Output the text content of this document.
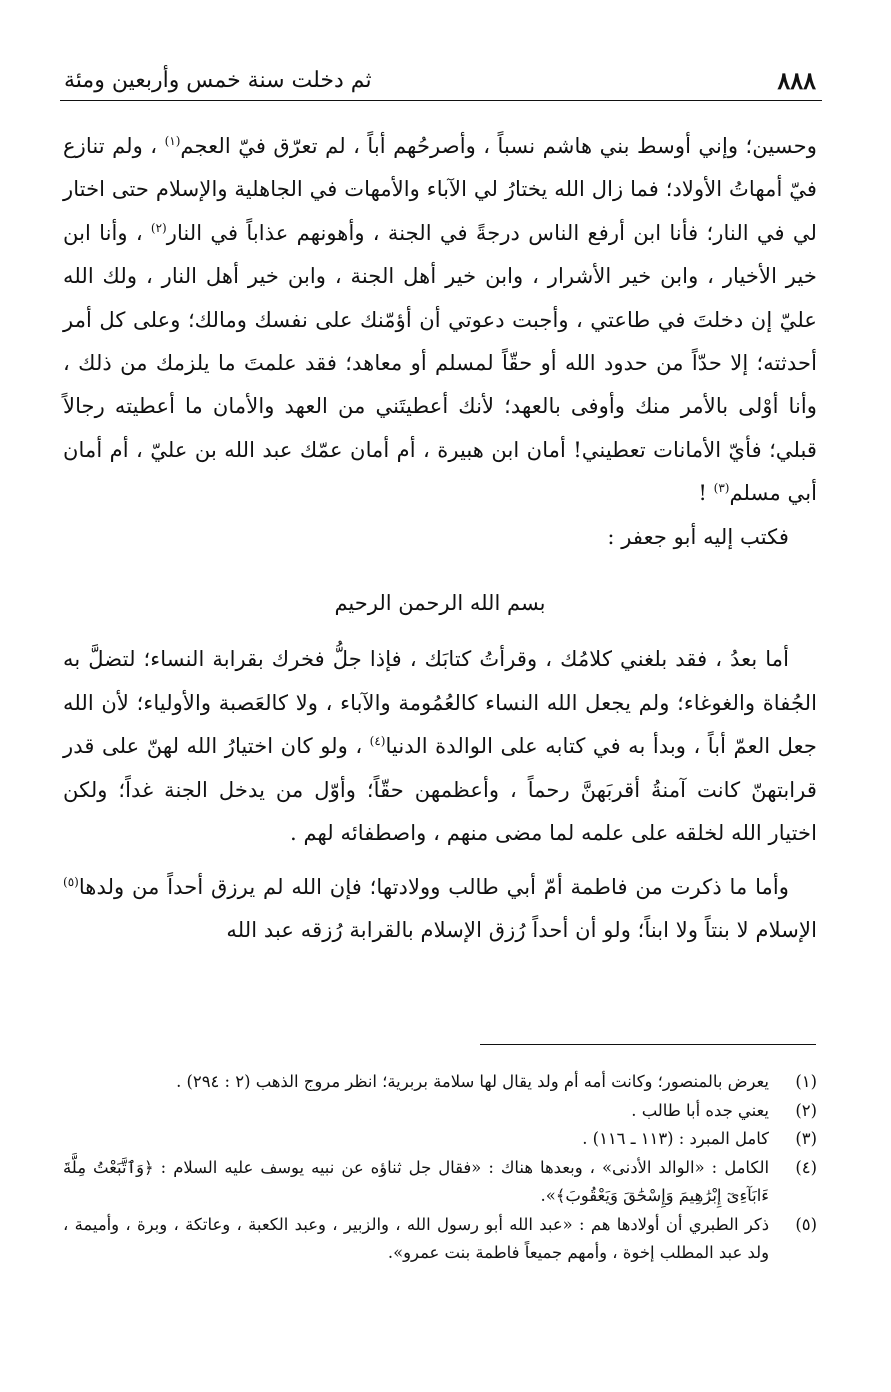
٨٨٨
ثم دخلت سنة خمس وأربعين ومئة

وحسين؛ وإني أوسط بني هاشم نسباً ، وأصرحُهم أباً ، لم تعرّق فيّ العجم$^{(١)}$ ، ولم تنازع فيّ أمهاتُ الأولاد؛ فما زال الله يختارُ لي الآباء والأمهات في الجاهلية والإسلام حتى اختار لي في النار؛ فأنا ابن أرفع الناس درجةً في الجنة ، وأهونهم عذاباً في النار$^{(٢)}$ ، وأنا ابن خير الأخيار ، وابن خير الأشرار ، وابن خير أهل الجنة ، وابن خير أهل النار ، ولك الله عليّ إن دخلتَ في طاعتي ، وأجبت دعوتي أن أؤمّنك على نفسك ومالك؛ وعلى كل أمر أحدثته؛ إلا حدّاً من حدود الله أو حقّاً لمسلم أو معاهد؛ فقد علمتَ ما يلزمك من ذلك ، وأنا أوْلى بالأمر منك وأوفى بالعهد؛ لأنك أعطيتَني من العهد والأمان ما أعطيته رجالاً قبلي؛ فأيّ الأمانات تعطيني! أمان ابن هبيرة ، أم أمان عمّك عبد الله بن عليّ ، أم أمان أبي مسلم$^{(٣)}$ !

فكتب إليه أبو جعفر :

بسم الله الرحمن الرحيم

أما بعدُ ، فقد بلغني كلامُك ، وقرأتُ كتابَك ، فإذا جلُّ فخرك بقرابة النساء؛ لتضلَّ به الجُفاة والغوغاء؛ ولم يجعل الله النساء كالعُمُومة والآباء ، ولا كالعَصبة والأولياء؛ لأن الله جعل العمّ أباً ، وبدأ به في كتابه على الوالدة الدنيا$^{(٤)}$ ، ولو كان اختيارُ الله لهنّ على قدر قرابتهنّ كانت آمنةُ أقربَهنَّ رحماً ، وأعظمهن حقّاً؛ وأوّل من يدخل الجنة غداً؛ ولكن اختيار الله لخلقه على علمه لما مضى منهم ، واصطفائه لهم .

وأما ما ذكرت من فاطمة أمّ أبي طالب وولادتها؛ فإن الله لم يرزق أحداً من ولدها$^{(٥)}$ الإسلام لا بنتاً ولا ابناً؛ ولو أن أحداً رُزق الإسلام بالقرابة رُزقه عبد الله

(١)
يعرض بالمنصور؛ وكانت أمه أم ولد يقال لها سلامة بربرية؛ انظر مروج الذهب (٢ : ٢٩٤) .
(٢)
يعني جده أبا طالب .
(٣)
كامل المبرد : (١١٣ ـ ١١٦) .
(٤)
الكامل : «الوالد الأدنى» ، وبعدها هناك : «فقال جل ثناؤه عن نبيه يوسف عليه السلام : ﴿وَٱتَّبَعْتُ مِلَّةَ ءَابَآءِىٓ إِبْرَٰهِيمَ وَإِسْحَٰقَ وَيَعْقُوبَ﴾».
(٥)
ذكر الطبري أن أولادها هم : «عبد الله أبو رسول الله ، والزبير ، وعبد الكعبة ، وعاتكة ، وبرة ، وأميمة ، ولد عبد المطلب إخوة ، وأمهم جميعاً فاطمة بنت عمرو».
